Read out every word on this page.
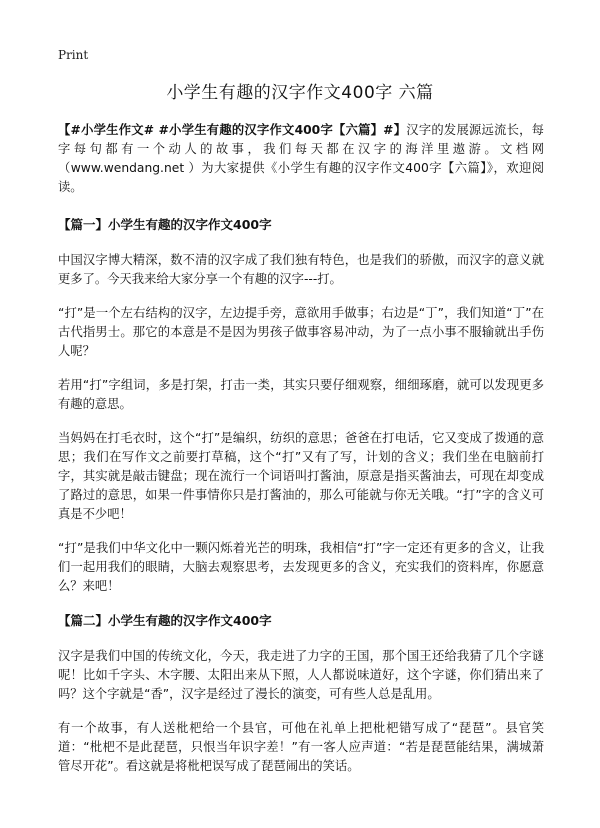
Print
小学生有趣的汉字作文400字 六篇

【#小学生作文# #小学生有趣的汉字作文400字【六篇】#】汉字的发展源远流长，每字每句都有一个动人的故事，我们每天都在汉字的海洋里遨游。文档网（www.wendang.net ）为大家提供《小学生有趣的汉字作文400字【六篇】》，欢迎阅读。

【篇一】小学生有趣的汉字作文400字

中国汉字博大精深，数不清的汉字成了我们独有特色，也是我们的骄傲，而汉字的意义就更多了。今天我来给大家分享一个有趣的汉字---打。

“打”是一个左右结构的汉字，左边提手旁，意欲用手做事；右边是“丁”，我们知道“丁”在古代指男士。那它的本意是不是因为男孩子做事容易冲动，为了一点小事不服输就出手伤人呢？

若用“打”字组词，多是打架，打击一类，其实只要仔细观察，细细琢磨，就可以发现更多有趣的意思。

当妈妈在打毛衣时，这个“打”是编织，纺织的意思；爸爸在打电话，它又变成了拨通的意思；我们在写作文之前要打草稿，这个“打”又有了写，计划的含义；我们坐在电脑前打字，其实就是敲击键盘；现在流行一个词语叫打酱油，原意是指买酱油去，可现在却变成了路过的意思，如果一件事情你只是打酱油的，那么可能就与你无关哦。“打”字的含义可真是不少吧！

“打”是我们中华文化中一颗闪烁着光芒的明珠，我相信“打”字一定还有更多的含义，让我们一起用我们的眼睛，大脑去观察思考，去发现更多的含义，充实我们的资料库，你愿意么？来吧！

【篇二】小学生有趣的汉字作文400字

汉字是我们中国的传统文化，今天，我走进了力字的王国，那个国王还给我猜了几个字谜呢！比如千字头、木字腰、太阳出来从下照，人人都说味道好，这个字谜，你们猜出来了吗？这个字就是“香”，汉字是经过了漫长的演变，可有些人总是乱用。

有一个故事，有人送枇杷给一个县官，可他在礼单上把枇杷错写成了“琵琶”。县官笑道：“枇杷不是此琵琶，只恨当年识字差！”有一客人应声道：“若是琵琶能结果，满城萧管尽开花”。看这就是将枇杷误写成了琵琶闹出的笑话。
